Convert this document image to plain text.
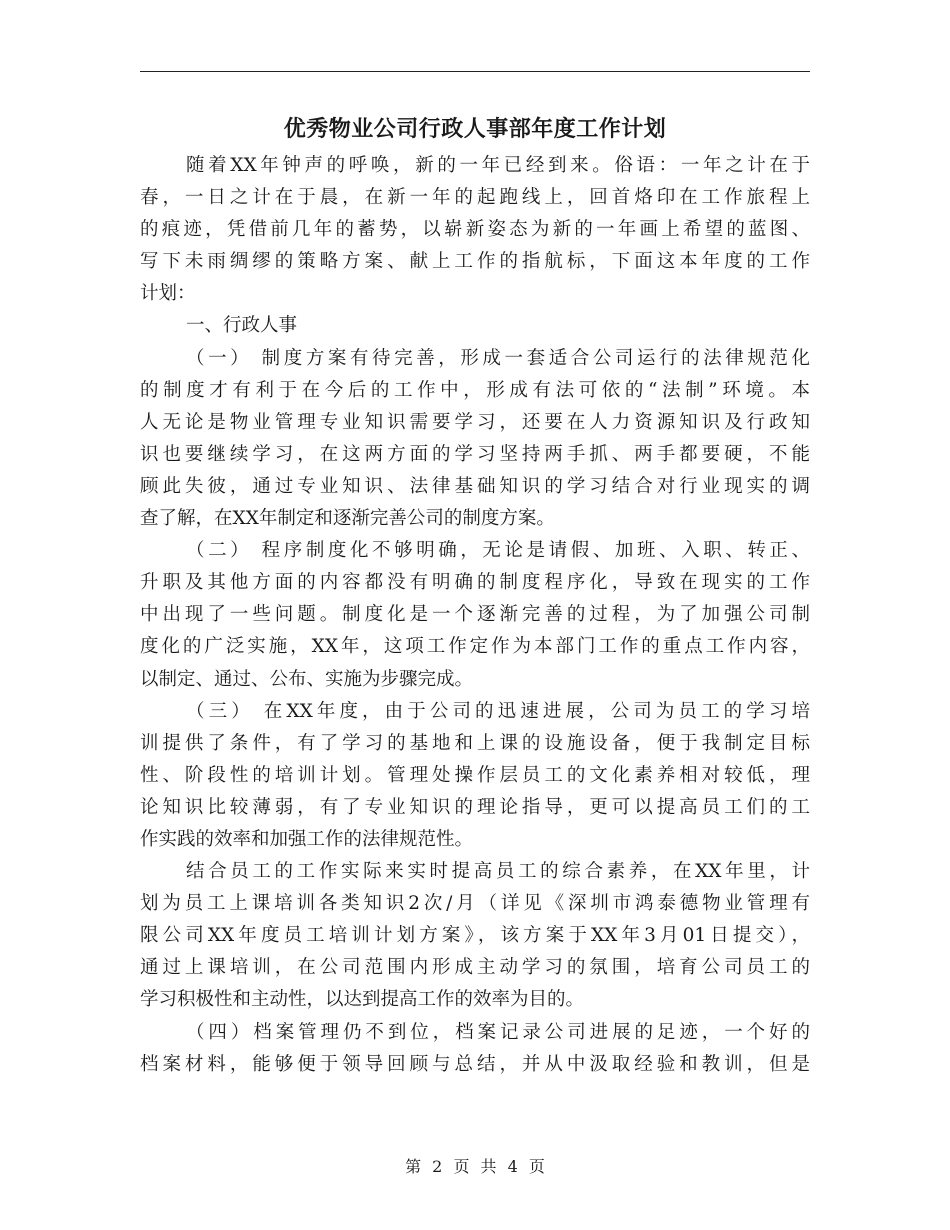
优秀物业公司行政人事部年度工作计划
随着XX年钟声的呼唤，新的一年已经到来。俗语：一年之计在于
春，一日之计在于晨，在新一年的起跑线上，回首烙印在工作旅程上
的痕迹，凭借前几年的蓄势，以崭新姿态为新的一年画上希望的蓝图、
写下未雨绸缪的策略方案、献上工作的指航标，下面这本年度的工作
计划：
一、行政人事
（一） 制度方案有待完善，形成一套适合公司运行的法律规范化
的制度才有利于在今后的工作中，形成有法可依的“法制”环境。本
人无论是物业管理专业知识需要学习，还要在人力资源知识及行政知
识也要继续学习，在这两方面的学习坚持两手抓、两手都要硬，不能
顾此失彼，通过专业知识、法律基础知识的学习结合对行业现实的调
查了解，在XX年制定和逐渐完善公司的制度方案。
（二） 程序制度化不够明确，无论是请假、加班、入职、转正、
升职及其他方面的内容都没有明确的制度程序化，导致在现实的工作
中出现了一些问题。制度化是一个逐渐完善的过程，为了加强公司制
度化的广泛实施，XX年，这项工作定作为本部门工作的重点工作内容，
以制定、通过、公布、实施为步骤完成。
（三） 在XX年度，由于公司的迅速进展，公司为员工的学习培
训提供了条件，有了学习的基地和上课的设施设备，便于我制定目标
性、阶段性的培训计划。管理处操作层员工的文化素养相对较低，理
论知识比较薄弱，有了专业知识的理论指导，更可以提高员工们的工
作实践的效率和加强工作的法律规范性。
结合员工的工作实际来实时提高员工的综合素养，在XX年里，计
划为员工上课培训各类知识2次/月（详见《深圳市鸿泰德物业管理有
限公司XX年度员工培训计划方案》，该方案于XX年3月01日提交），
通过上课培训，在公司范围内形成主动学习的氛围，培育公司员工的
学习积极性和主动性，以达到提高工作的效率为目的。
（四）档案管理仍不到位，档案记录公司进展的足迹，一个好的
档案材料，能够便于领导回顾与总结，并从中汲取经验和教训，但是
第 2 页 共 4 页
